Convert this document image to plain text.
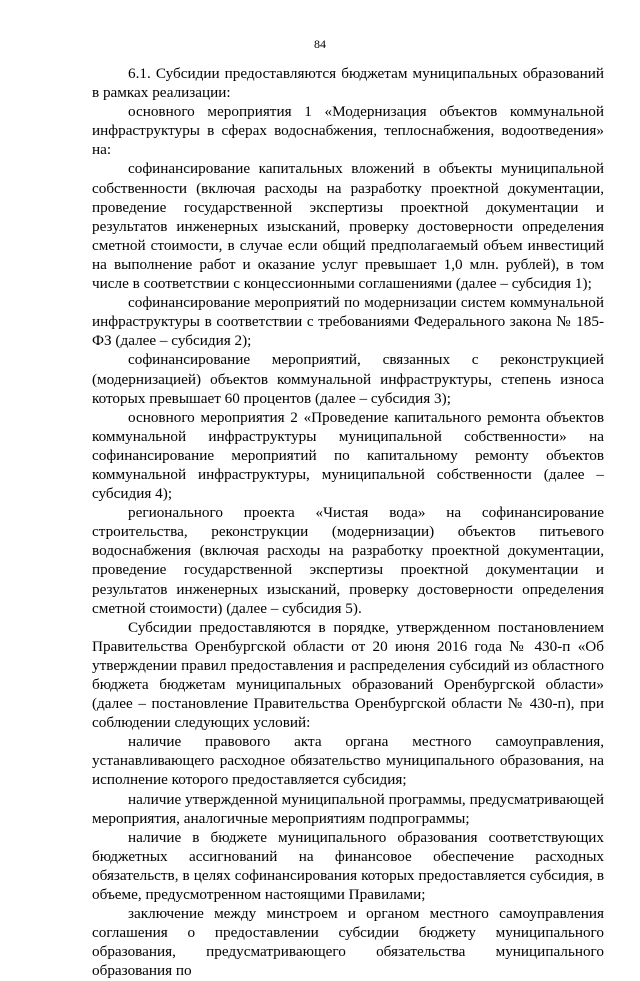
84

6.1. Субсидии предоставляются бюджетам муниципальных образований в рамках реализации:

основного мероприятия 1 «Модернизация объектов коммунальной инфраструктуры в сферах водоснабжения, теплоснабжения, водоотведения» на:

софинансирование капитальных вложений в объекты муниципальной собственности (включая расходы на разработку проектной документации, проведение государственной экспертизы проектной документации и результатов инженерных изысканий, проверку достоверности определения сметной стоимости, в случае если общий предполагаемый объем инвестиций на выполнение работ и оказание услуг превышает 1,0 млн. рублей), в том числе в соответствии с концессионными соглашениями (далее – субсидия 1);

софинансирование мероприятий по модернизации систем коммунальной инфраструктуры в соответствии с требованиями Федерального закона № 185-ФЗ (далее – субсидия 2);

софинансирование мероприятий, связанных с реконструкцией (модернизацией) объектов коммунальной инфраструктуры, степень износа которых превышает 60 процентов (далее – субсидия 3);

основного мероприятия 2 «Проведение капитального ремонта объектов коммунальной инфраструктуры муниципальной собственности» на софинансирование мероприятий по капитальному ремонту объектов коммунальной инфраструктуры, муниципальной собственности (далее – субсидия 4);

регионального проекта «Чистая вода» на софинансирование строительства, реконструкции (модернизации) объектов питьевого водоснабжения (включая расходы на разработку проектной документации, проведение государственной экспертизы проектной документации и результатов инженерных изысканий, проверку достоверности определения сметной стоимости) (далее – субсидия 5).

Субсидии предоставляются в порядке, утвержденном постановлением Правительства Оренбургской области от 20 июня 2016 года № 430-п «Об утверждении правил предоставления и распределения субсидий из областного бюджета бюджетам муниципальных образований Оренбургской области» (далее – постановление Правительства Оренбургской области № 430-п), при соблюдении следующих условий:

наличие правового акта органа местного самоуправления, устанавливающего расходное обязательство муниципального образования, на исполнение которого предоставляется субсидия;

наличие утвержденной муниципальной программы, предусматривающей мероприятия, аналогичные мероприятиям подпрограммы;

наличие в бюджете муниципального образования соответствующих бюджетных ассигнований на финансовое обеспечение расходных обязательств, в целях софинансирования которых предоставляется субсидия, в объеме, предусмотренном настоящими Правилами;

заключение между минстроем и органом местного самоуправления соглашения о предоставлении субсидии бюджету муниципального образования, предусматривающего обязательства муниципального образования по
